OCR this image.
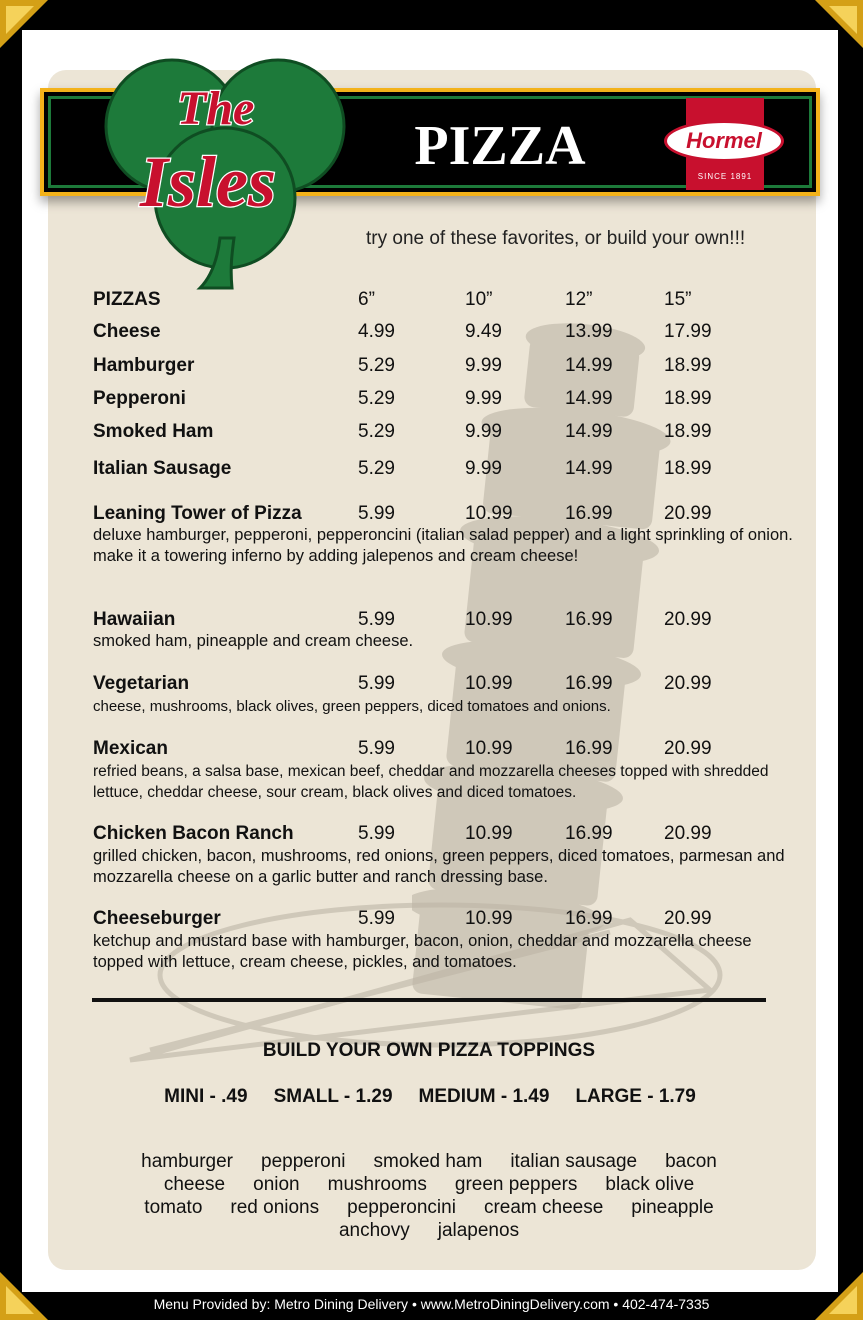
PIZZA	Hormel
SINCE 1891
The
Isles
try one of these favorites, or build your own!!!
PIZZAS	6”	10”	12”	15”
Cheese	4.99	9.49	13.99	17.99
Hamburger	5.29	9.99	14.99	18.99
Pepperoni	5.29	9.99	14.99	18.99
Smoked Ham	5.29	9.99	14.99	18.99
Italian Sausage	5.29	9.99	14.99	18.99
Leaning Tower of Pizza	5.99	10.99	16.99	20.99
deluxe hamburger, pepperoni, pepperoncini (italian salad pepper) and a light sprinkling of onion. make it a towering inferno by adding jalepenos and cream cheese!
Hawaiian	5.99	10.99	16.99	20.99
smoked ham, pineapple and cream cheese.
Vegetarian	5.99	10.99	16.99	20.99
cheese, mushrooms, black olives, green peppers, diced tomatoes and onions.
Mexican	5.99	10.99	16.99	20.99
refried beans, a salsa base, mexican beef, cheddar and mozzarella cheeses topped with shredded lettuce, cheddar cheese, sour cream, black olives and diced tomatoes.
Chicken Bacon Ranch	5.99	10.99	16.99	20.99
grilled chicken, bacon, mushrooms, red onions, green peppers, diced tomatoes, parmesan and mozzarella cheese on a garlic butter and ranch dressing base.
Cheeseburger	5.99	10.99	16.99	20.99
ketchup and mustard base with hamburger, bacon, onion, cheddar and mozzarella cheese topped with lettuce, cream cheese, pickles, and tomatoes.
BUILD YOUR OWN PIZZA TOPPINGS
MINI - .49 SMALL - 1.29 MEDIUM - 1.49 LARGE - 1.79
hamburger pepperoni smoked ham italian sausage bacon
cheese onion mushrooms green peppers black olive
tomato red onions pepperoncini cream cheese pineapple
anchovy jalapenos
Menu Provided by: Metro Dining Delivery • www.MetroDiningDelivery.com • 402-474-7335
